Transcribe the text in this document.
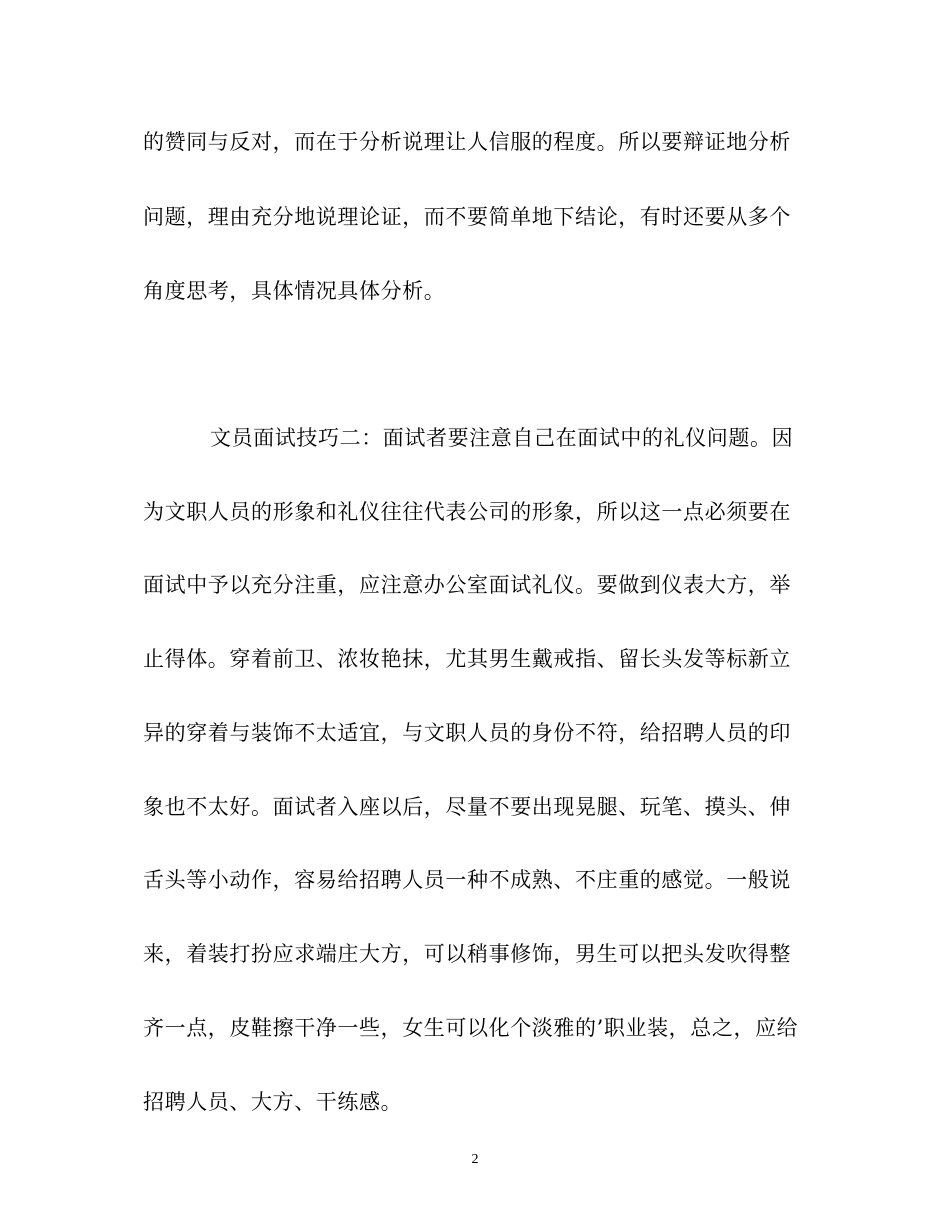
的赞同与反对，而在于分析说理让人信服的程度。所以要辩证地分析
问题，理由充分地说理论证，而不要简单地下结论，有时还要从多个
角度思考，具体情况具体分析。
文员面试技巧二：面试者要注意自己在面试中的礼仪问题。因
为文职人员的形象和礼仪往往代表公司的形象，所以这一点必须要在
面试中予以充分注重，应注意办公室面试礼仪。要做到仪表大方，举
止得体。穿着前卫、浓妆艳抹，尤其男生戴戒指、留长头发等标新立
异的穿着与装饰不太适宜，与文职人员的身份不符，给招聘人员的印
象也不太好。面试者入座以后，尽量不要出现晃腿、玩笔、摸头、伸
舌头等小动作，容易给招聘人员一种不成熟、不庄重的感觉。一般说
来，着装打扮应求端庄大方，可以稍事修饰，男生可以把头发吹得整
齐一点，皮鞋擦干净一些，女生可以化个淡雅的’职业装，总之，应给
招聘人员、大方、干练感。
2
